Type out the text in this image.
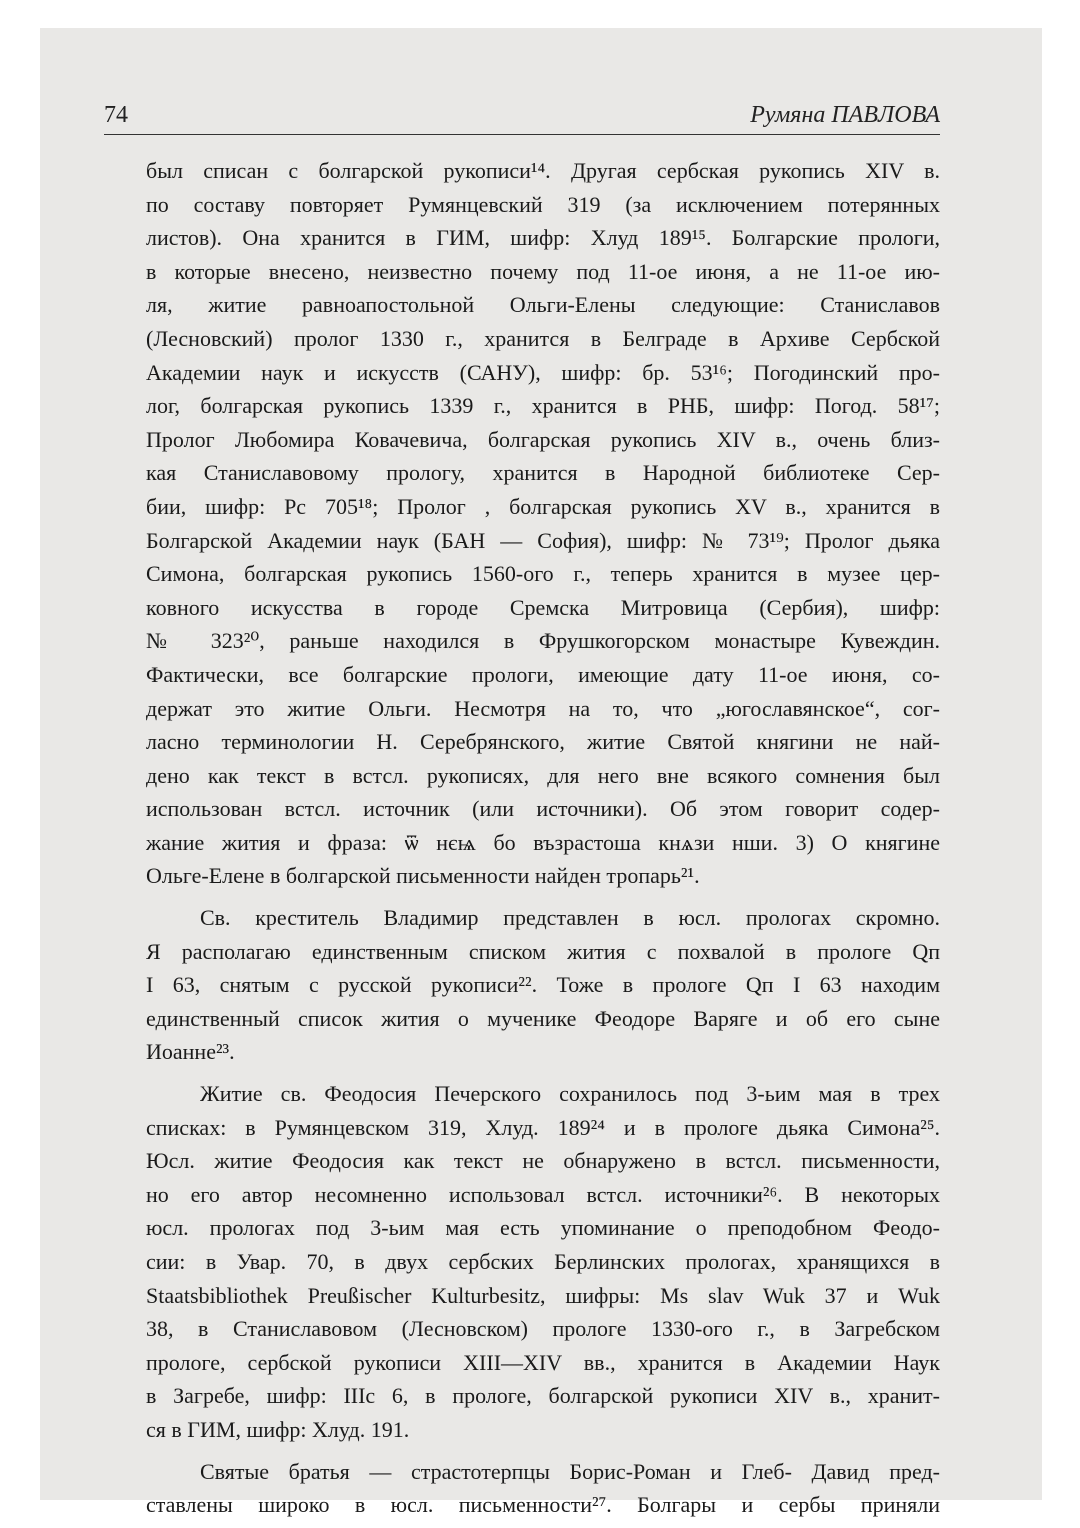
74	Румяна ПАВЛОВА
был списан с болгарской рукописи¹⁴. Другая сербская рукопись XIV в.
по составу повторяет Румянцевский 319 (за исключением потерянных
листов). Она хранится в ГИМ, шифр: Хлуд 189¹⁵. Болгарские прологи,
в которые внесено, неизвестно почему под 11-ое июня, а не 11-ое ию-
ля, житие равноапостольной Ольги-Елены следующие: Станиславов
(Лесновский) пролог 1330 г., хранится в Белграде в Архиве Сербской
Академии наук и искусств (САНУ), шифр: бр. 53¹⁶; Погодинский про-
лог, болгарская рукопись 1339 г., хранится в РНБ, шифр: Погод. 58¹⁷;
Пролог Любомира Ковачевича, болгарская рукопись XIV в., очень близ-
кая Станиславовому прологу, хранится в Народной библиотеке Сер-
бии, шифр: Рс 705¹⁸; Пролог , болгарская рукопись XV в., хранится в
Болгарской Академии наук (БАН — София), шифр: № 73¹⁹; Пролог дьяка
Симона, болгарская рукопись 1560-ого г., теперь хранится в музее цер-
ковного искусства в городе Сремска Митровица (Сербия), шифр:
№ 323²⁰, раньше находился в Фрушкогорском монастыре Кувеждин.
Фактически, все болгарские прологи, имеющие дату 11-ое июня, со-
держат это житие Ольги. Несмотря на то, что „югославянское“, сог-
ласно терминологии Н. Серебрянского, житие Святой княгини не най-
дено как текст в встсл. рукописях, для него вне всякого сомнения был
использован встсл. источник (или источники). Об этом говорит содер-
жание жития и фраза: ѿ нєѩ бо възрастоша кнѧзи нши. 3) О княгине
Ольге-Елене в болгарской письменности найден тропарь²¹.
Св. креститель Владимир представлен в юсл. прологах скромно.
Я располагаю единственным списком жития с похвалой в прологе Qп
I 63, снятым с русской рукописи²². Тоже в прологе Qп I 63 находим
единственный список жития о мученике Феодоре Варяге и об его сыне
Иоанне²³.
Житие св. Феодосия Печерского сохранилось под 3-ьим мая в трех
списках: в Румянцевском 319, Хлуд. 189²⁴ и в прологе дьяка Симона²⁵.
Юсл. житие Феодосия как текст не обнаружено в встсл. письменности,
но его автор несомненно использовал встсл. источники²⁶. В некоторых
юсл. прологах под 3-ьим мая есть упоминание о преподобном Феодо-
сии: в Увар. 70, в двух сербских Берлинских прологах, хранящихся в
Staatsbibliothek Preußischer Kulturbesitz, шифры: Ms slav Wuk 37 и Wuk
38, в Станиславовом (Лесновском) прологе 1330-ого г., в Загребском
прологе, сербской рукописи XIII—XIV вв., хранится в Академии Наук
в Загребе, шифр: IIIс 6, в прологе, болгарской рукописи XIV в., хранит-
ся в ГИМ, шифр: Хлуд. 191.
Святые братья — страстотерпцы Борис-Роман и Глеб- Давид пред-
ставлены широко в юсл. письменности²⁷. Болгары и сербы приняли
